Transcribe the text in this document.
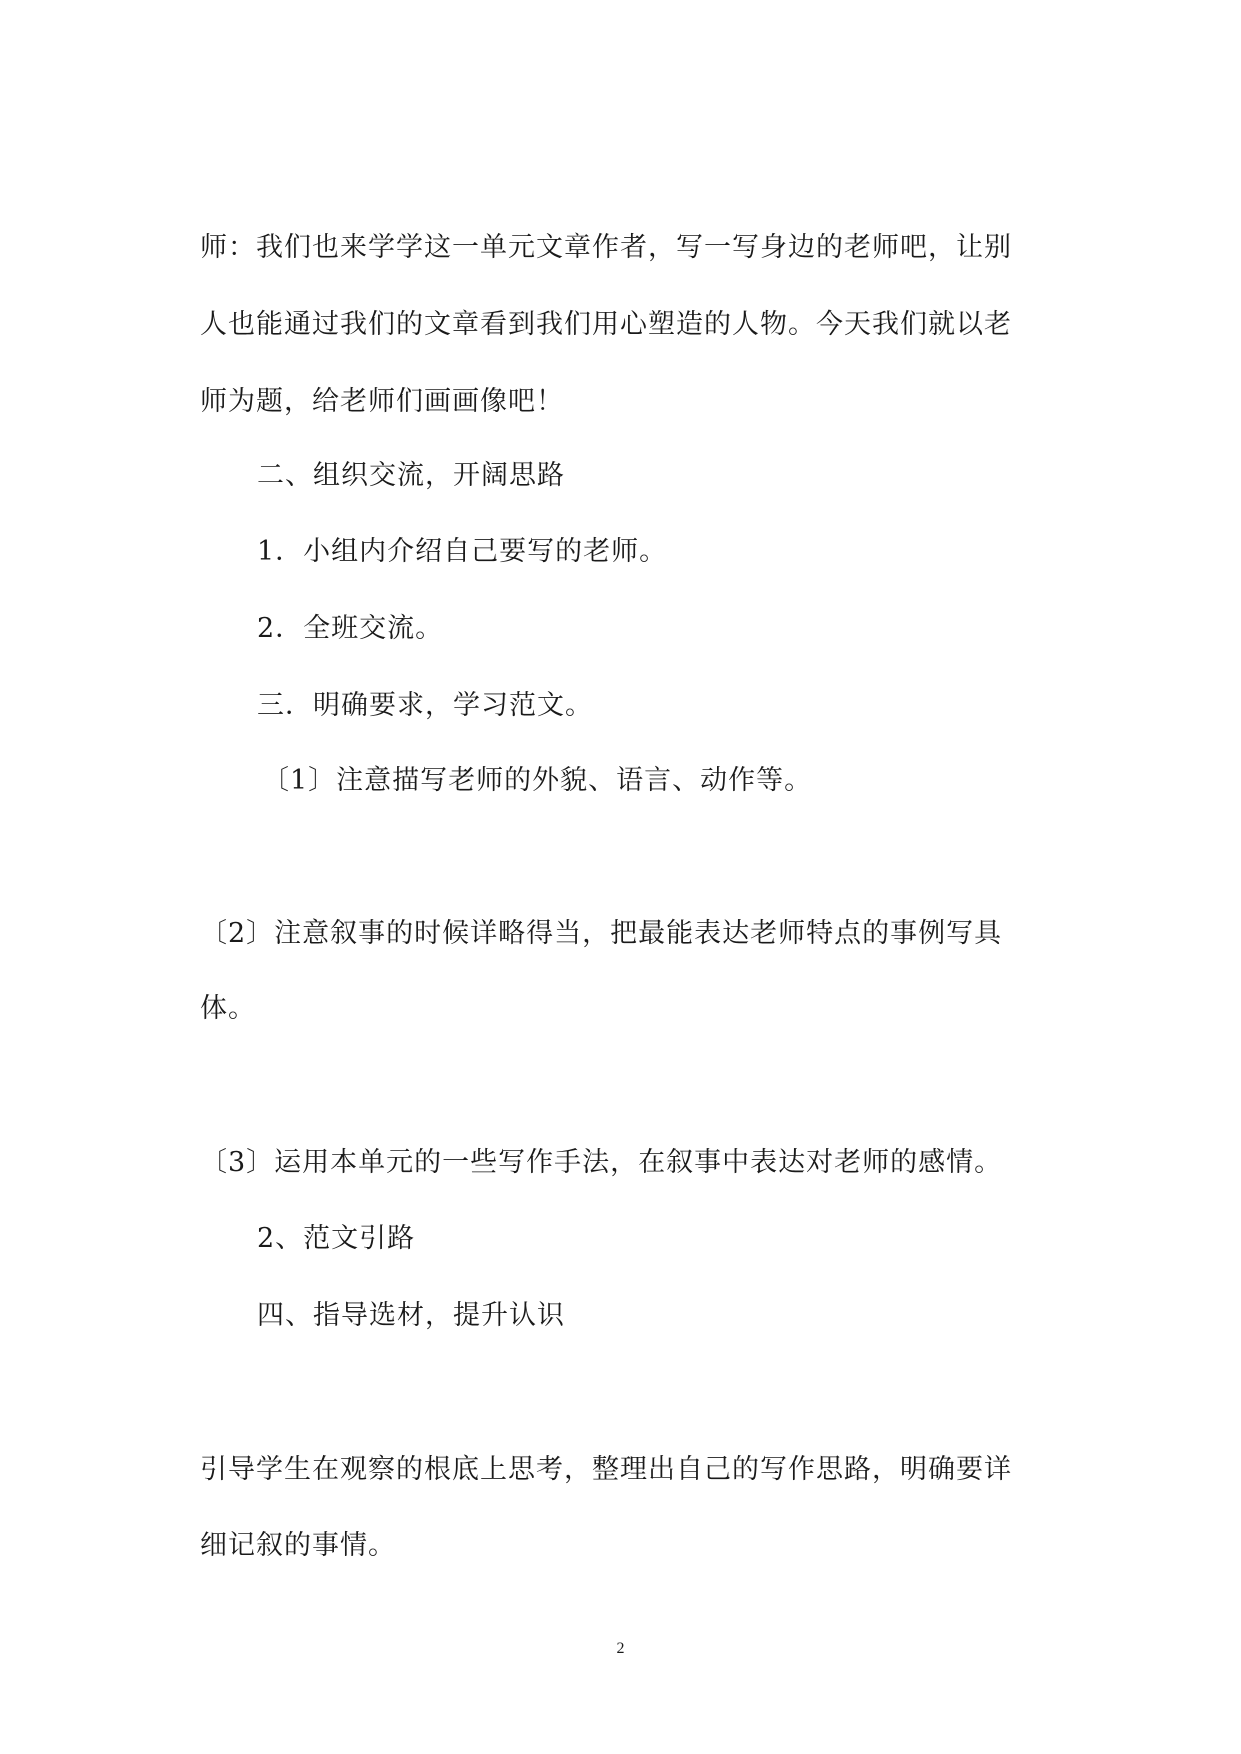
师：我们也来学学这一单元文章作者，写一写身边的老师吧，让别
人也能通过我们的文章看到我们用心塑造的人物。今天我们就以老
师为题，给老师们画画像吧！
二、组织交流，开阔思路
1．小组内介绍自己要写的老师。
2．全班交流。
三．明确要求，学习范文。
〔1〕注意描写老师的外貌、语言、动作等。
〔2〕注意叙事的时候详略得当，把最能表达老师特点的事例写具
体。
〔3〕运用本单元的一些写作手法，在叙事中表达对老师的感情。
2、范文引路
四、指导选材，提升认识
引导学生在观察的根底上思考，整理出自己的写作思路，明确要详
细记叙的事情。
2
